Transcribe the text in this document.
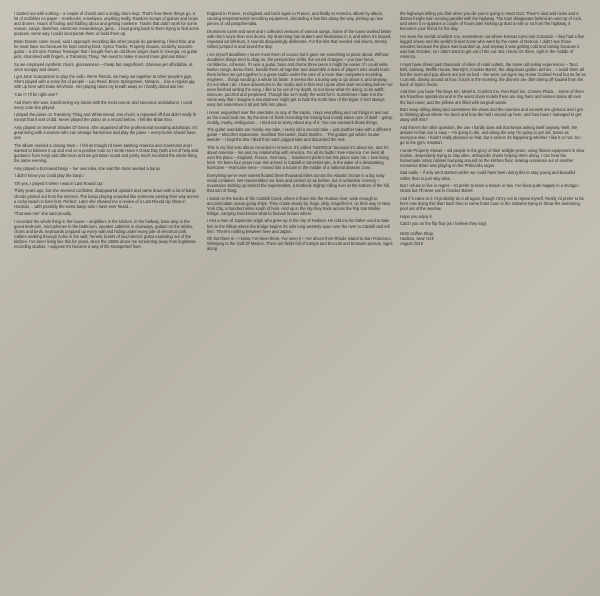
I started out with nothing – a couple of chords and a dodgy drum loop. That's how these things go, a lot of scribbles on paper – notebooks, envelopes, anything really. Random scraps of guitars and loops and drones. Hours of fooling and fiddling about and getting nowhere. Tracks that didn't work for some reason, songs, sketches, electronic meanderings, jams… I kept going back to them trying to find some purpose, some way I could incorporate them or build them up.

Brian Dowan came round, said I approach recording like other people do gardening. I liked that, and he must have too because he kept coming back. Sysco Tracks, Property Dowan, scratchy acoustic guitar – a 3/4 size Framus Teenager that I bought from an old blues singer down in Georgia, no guitar pick, strummed with fingers, a Transitory Thing. 'We need to make it sound more glorious Brian.'

So we employed synthetic choirs, gloriousness – cheap but magnificent. Glorious yet affordable, at once scrappy and driven.

I got Jane Scarpantoni to play the cello. We're friends, we hang out together at other people's gigs. She's played with a scary list of people – Lou Reed, Bruce Springsteen, Nirvana… has a regular gig with up here with Duke McVinnie. Her playing takes my breath away so I hardly dared ask her.

'Can I? I'll be right over!'

And there she was, transforming my tracks with the most cosmic and sonorous undulations. I used every note she played.

I played the piano on Transitory Thing and White Bread, one chord, a repeated riff that didn't really fit except that it sort of did. Never played the piano on a record before, I felt like Brian Eno.

Amy played on Several Shades Of Green. She organised all the professional sounding autoharps. It's great living with a woman who can arrange harmonies and play the piano – every home should have one.

The album needed a closing track – I felt as though I'd been bashing America and Americans and I wanted to balance it up and end on a positive note so I wrote Have A Great Day (with a lot of help and guidance from Amy) and afternoon and we got Brian round and pretty much recorded the whole thing the same evening.

Amy played a borrowed banjo – her own idea, she said the track needed a banjo.

'I didn't know you could play the banjo.'

'Oh yes, I played it when I was in Last Round Up.'

Thirty years ago, but she seemed confident, disappeared upstairs and came down with a lot of banjo chords printed out from the internet. The banjo playing sounded like someone picking their way across a rocky beach in bare feet. Perfect. Later she showed me a review of a Last Round Up show in Houston… with possibly the worst banjo solo I have ever heard…

'That was me!' she said proudly.

I recorded the whole thing in the house – amplifiers in the kitchen, in the hallway, bass amp in the guest bedroom, microphones in the bathroom, speaker cabinets in doorways, guitars on the tables, chairs and beds, keyboards propped up every wall and hiding under every pile of electrical junk. Cables snaking through holes in the wall, frenetic bursts of loud electric guitar exploding out of the kitchen. I've been living like this for years, since the 1980s drove me screaming away from legitimate recording studios. I suppose it's become a way of life transported from

England to France, to England and back again to France, and finally to America, album by album, causing temperamental recording equipment, discarding a few bits along the way, picking up new pieces of old paraphernalia.

Drummers came and went and I collected versions of various songs. Some of the tunes worked better with drum loops than real drums. My drumming has stutters and hesitations in it, and when it's looped, repeated ad infinitum, it sounds disquietingly deliberate. For the bits that needed real drums Jeremy Gillies jumped in and saved the day.

I set myself deadlines I never meet them of course but it gave me something to panic about. Without deadlines things tend to drag on, the perspective shifts, the sound changes – you lose focus, confidence, cohesion. If I was a guitar, bass and drums three piece it might be easier. If I could write twelve songs, demo them, bundle them all together and assemble a team of players who would learn them before we got together in a great studio under the care of a more than competent recording engineer… things would go a whole lot faster. It seems like a boring way to go about it, and anyway, it's not what I do. I have adventures in the studio and in that end I quite often start recording before I've even finished writing the song. I like to be out of my depth, to not know what I'm doing, to be adrift, insecure, puzzled and perplexed. Though like isn't really the word for it. Sometimes I hate it in the same way that I imagine a mountaineer might get to hate the north face of the Eiger. It isn't always easy but sometimes it all just falls into place.

I never anguished over the overdubs on any of the tracks, I kept everything and cut things in and out as the mood took me. By the time I'd finish recording the mixing had mostly taken care of itself – grimy, muddy, murky, ambiguous… I tried not to worry about any of it. You can overwork those things.

The guitar overdubs are mostly one take, I rarely did a second take – just another take with a different guitar – Microfret Spacetone, modified Telecaster, Guild Starfire… The guitars got wilder, louder, weirder – I kept the bits I liked from each jagged take and discarded the rest.

This is my first solo album recorded in America. It's called "amERICa" because it's about me, and it's about America – me and my relationship with America. For all its faults I love America. I've lived all over the place – England, France, Germany… Nowhere's perfect but this place suits me. I love living here. It's been four years now. We arrived in Catskill in torrential rain, in the wake of a devastating hurricane – Hurricane Irene – moved into a house in the middle of a national disaster zone.

Everything we've ever owned floated three thousand miles across the Atlantic Ocean in a big rusty metal container. We reassembled our lives and carried on as before, but in unfamiliar scenery – mountains sticking up behind the supermarket, a textbook mighty rolling river at the bottom of the hill, that sort of thing.

I stand on the banks of the Catskill Creek, where it flows into the Hudson river, wide enough to accommodate ocean going ships. They cruise slowly by, huge, dirty, magnificent, on their way to New York City, a hundred miles south of here. And up in the sky they track across the Rip Van Winkle Bridge, carrying God knows what to heaven knows where.

I met a man of Japanese origin who grew up in the city of Hudson. He told me his father used to take him to the hilltop where the bridge begins it's mile long westerly span over the river to Catskill and tell him: 'There's nothing between here and Japan.'

Oh but there is – I know, I've been there, I've seen it – I've driven from Rhode Island to San Francisco, Winnipeg to the Gulf Of Mexico. There are fields full of turnips and broccoli and brussels sprouts, signs along

the highways telling you that when you die you're going to meet God. There's dust and rocks and a distant freight train running parallel with the highway. The train disappears behind an outcrop of rock, and when it re-appears a couple of hours later kicking up dust a mile or so from the highway, it becomes your friend for the day.

I've seen the worlds smallest zoo, somewhere out where Kansas turns into Colorado – they had a five legged sheep and the world's tiniest horse who went by the name of Roscoe. I didn't see those wonders because the place was boarded up, and anyway it was getting cold and raining because it was late October, so I didn't want to get out of the car. But I know it's there, right in the middle of America.

I must have driven past thousand of miles of retail outlets, the same old eating experiences – Taco Bell, Subway, Waffle House, Wendy's, Cracker Barrel, the ubiquitous golden arches… I avoid them all but the mom and pop diners are just as bad – the worn out signs say Home Cooked Food but as far as I can tell, driving around at four o'clock in the morning, the dinners are often being off-loaded from the back of Sysco trucks.

And then you have The Days Inn, Motel 6, Comfort Inn, Red Roof Inn, Crowne Plaza… Some of them are franchise operations and in the worst chain motels there are dog hairs and semen stains all over the bed cover, and the pillows are filled with surgical waste.

But I keep rolling along and sometimes the views and the sunrises and sunsets are glorious and I get to thinking about where I've been and how the hell I wound up here, and how have I managed to get away with this?

And there's the other question, the one I hardly dare ask that keeps asking itself anyway. Well, the answer is that one is easy – I'm going to die, and along the way I'm going to get old. Same as everyone else. I hadn't really planned on that, but it seems it's happening whether I like it or not. So I go to the gym, mantain.

I wrote Property Shows – old people in the glory of their twilight years, using fitness equipment in slow motion, desperately trying to stay alive, orthopedic chairs helping them along. I can hear the homemade rotary cabinet bumping around on the kitchen floor, making nonsense out of another nonsense Brian was playing on the Philicorda organ.

Sad really – if only we'd started earlier we could have been doing this to stay young and beautiful rather than to just stay alive.

But I refuse to live in regret – I'd prefer to learn a lesson or two. I've lived quite happily in a shotgun shack but I'll never eat in Cracker Barrel.

And if it came to it I'd probably do it all again, though I'd try not to repeat myself. Really I'd prefer to be here now doing this than back then in some hotel room in the midwest trying to throw the swimming pool out of the window.

Hope you enjoy it.

Catch you on the flip flop (as I believe they say).

Moto Coffee Shop,
Hudson, New York
August 2015
